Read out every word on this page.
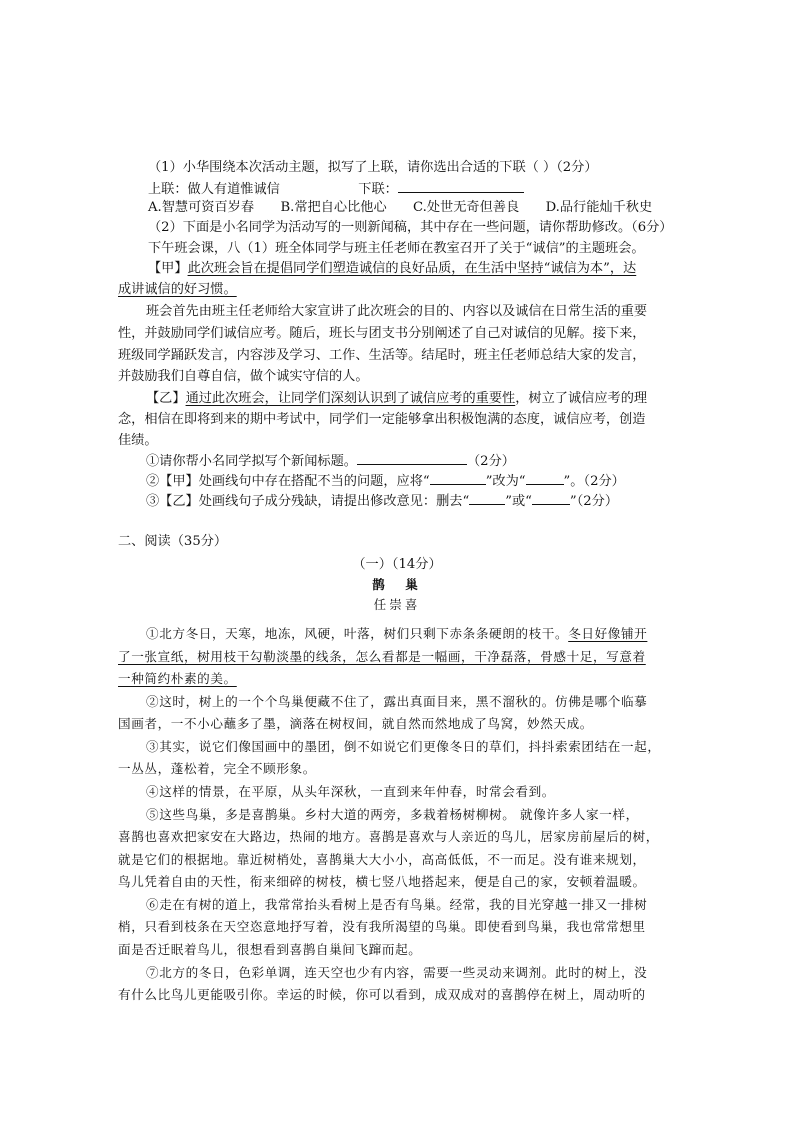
（1）小华围绕本次活动主题，拟写了上联，请你选出合适的下联（ ）（2分）
上联：做人有道惟诚信	下联：
A.智慧可资百岁春 B.常把自心比他心 C.处世无奇但善良 D.品行能灿千秋史
（2）下面是小名同学为活动写的一则新闻稿，其中存在一些问题，请你帮助修改。（6分）
下午班会课，八（1）班全体同学与班主任老师在教室召开了关于“诚信”的主题班会。
【甲】此次班会旨在提倡同学们塑造诚信的良好品质，在生活中坚持“诚信为本”，达
成讲诚信的好习惯。
班会首先由班主任老师给大家宣讲了此次班会的目的、内容以及诚信在日常生活的重要
性，并鼓励同学们诚信应考。随后，班长与团支书分别阐述了自己对诚信的见解。接下来，
班级同学踊跃发言，内容涉及学习、工作、生活等。结尾时，班主任老师总结大家的发言，
并鼓励我们自尊自信，做个诚实守信的人。
【乙】通过此次班会，让同学们深刻认识到了诚信应考的重要性，树立了诚信应考的理
念，相信在即将到来的期中考试中，同学们一定能够拿出积极饱满的态度，诚信应考，创造
佳绩。
①请你帮小名同学拟写个新闻标题。	（2分）
②【甲】处画线句中存在搭配不当的问题，应将“	”改为“	”。（2分）
③【乙】处画线句子成分残缺，请提出修改意见：删去“	”或“	”（2分）
二、阅读（35分）
（一）（14分）
鹊　巢
任崇喜
①北方冬日，天寒，地冻，风硬，叶落，树们只剩下赤条条硬朗的枝干。冬日好像铺开
了一张宣纸，树用枝干勾勒淡墨的线条，怎么看都是一幅画，干净磊落，骨感十足，写意着
一种简约朴素的美。
②这时，树上的一个个鸟巢便藏不住了，露出真面目来，黑不溜秋的。仿佛是哪个临摹
国画者，一不小心蘸多了墨，滴落在树杈间，就自然而然地成了鸟窝，妙然天成。
③其实，说它们像国画中的墨团，倒不如说它们更像冬日的草们，抖抖索索团结在一起，
一丛丛，蓬松着，完全不顾形象。
④这样的情景，在平原，从头年深秋，一直到来年仲春，时常会看到。
⑤这些鸟巢，多是喜鹊巢。乡村大道的两旁，多栽着杨树柳树。 就像许多人家一样，
喜鹊也喜欢把家安在大路边，热闹的地方。喜鹊是喜欢与人亲近的鸟儿，居家房前屋后的树，
就是它们的根据地。靠近树梢处，喜鹊巢大大小小，高高低低，不一而足。没有谁来规划，
鸟儿凭着自由的天性，衔来细碎的树枝，横七竖八地搭起来，便是自己的家，安顿着温暖。
⑥走在有树的道上，我常常抬头看树上是否有鸟巢。经常，我的目光穿越一排又一排树
梢，只看到枝条在天空恣意地抒写着，没有我所渴望的鸟巢。即使看到鸟巢，我也常常想里
面是否迁眠着鸟儿，很想看到喜鹊自巢间飞蹿而起。
⑦北方的冬日，色彩单调，连天空也少有内容，需要一些灵动来调剂。此时的树上，没
有什么比鸟儿更能吸引你。幸运的时候，你可以看到，成双成对的喜鹊停在树上，周动听的
